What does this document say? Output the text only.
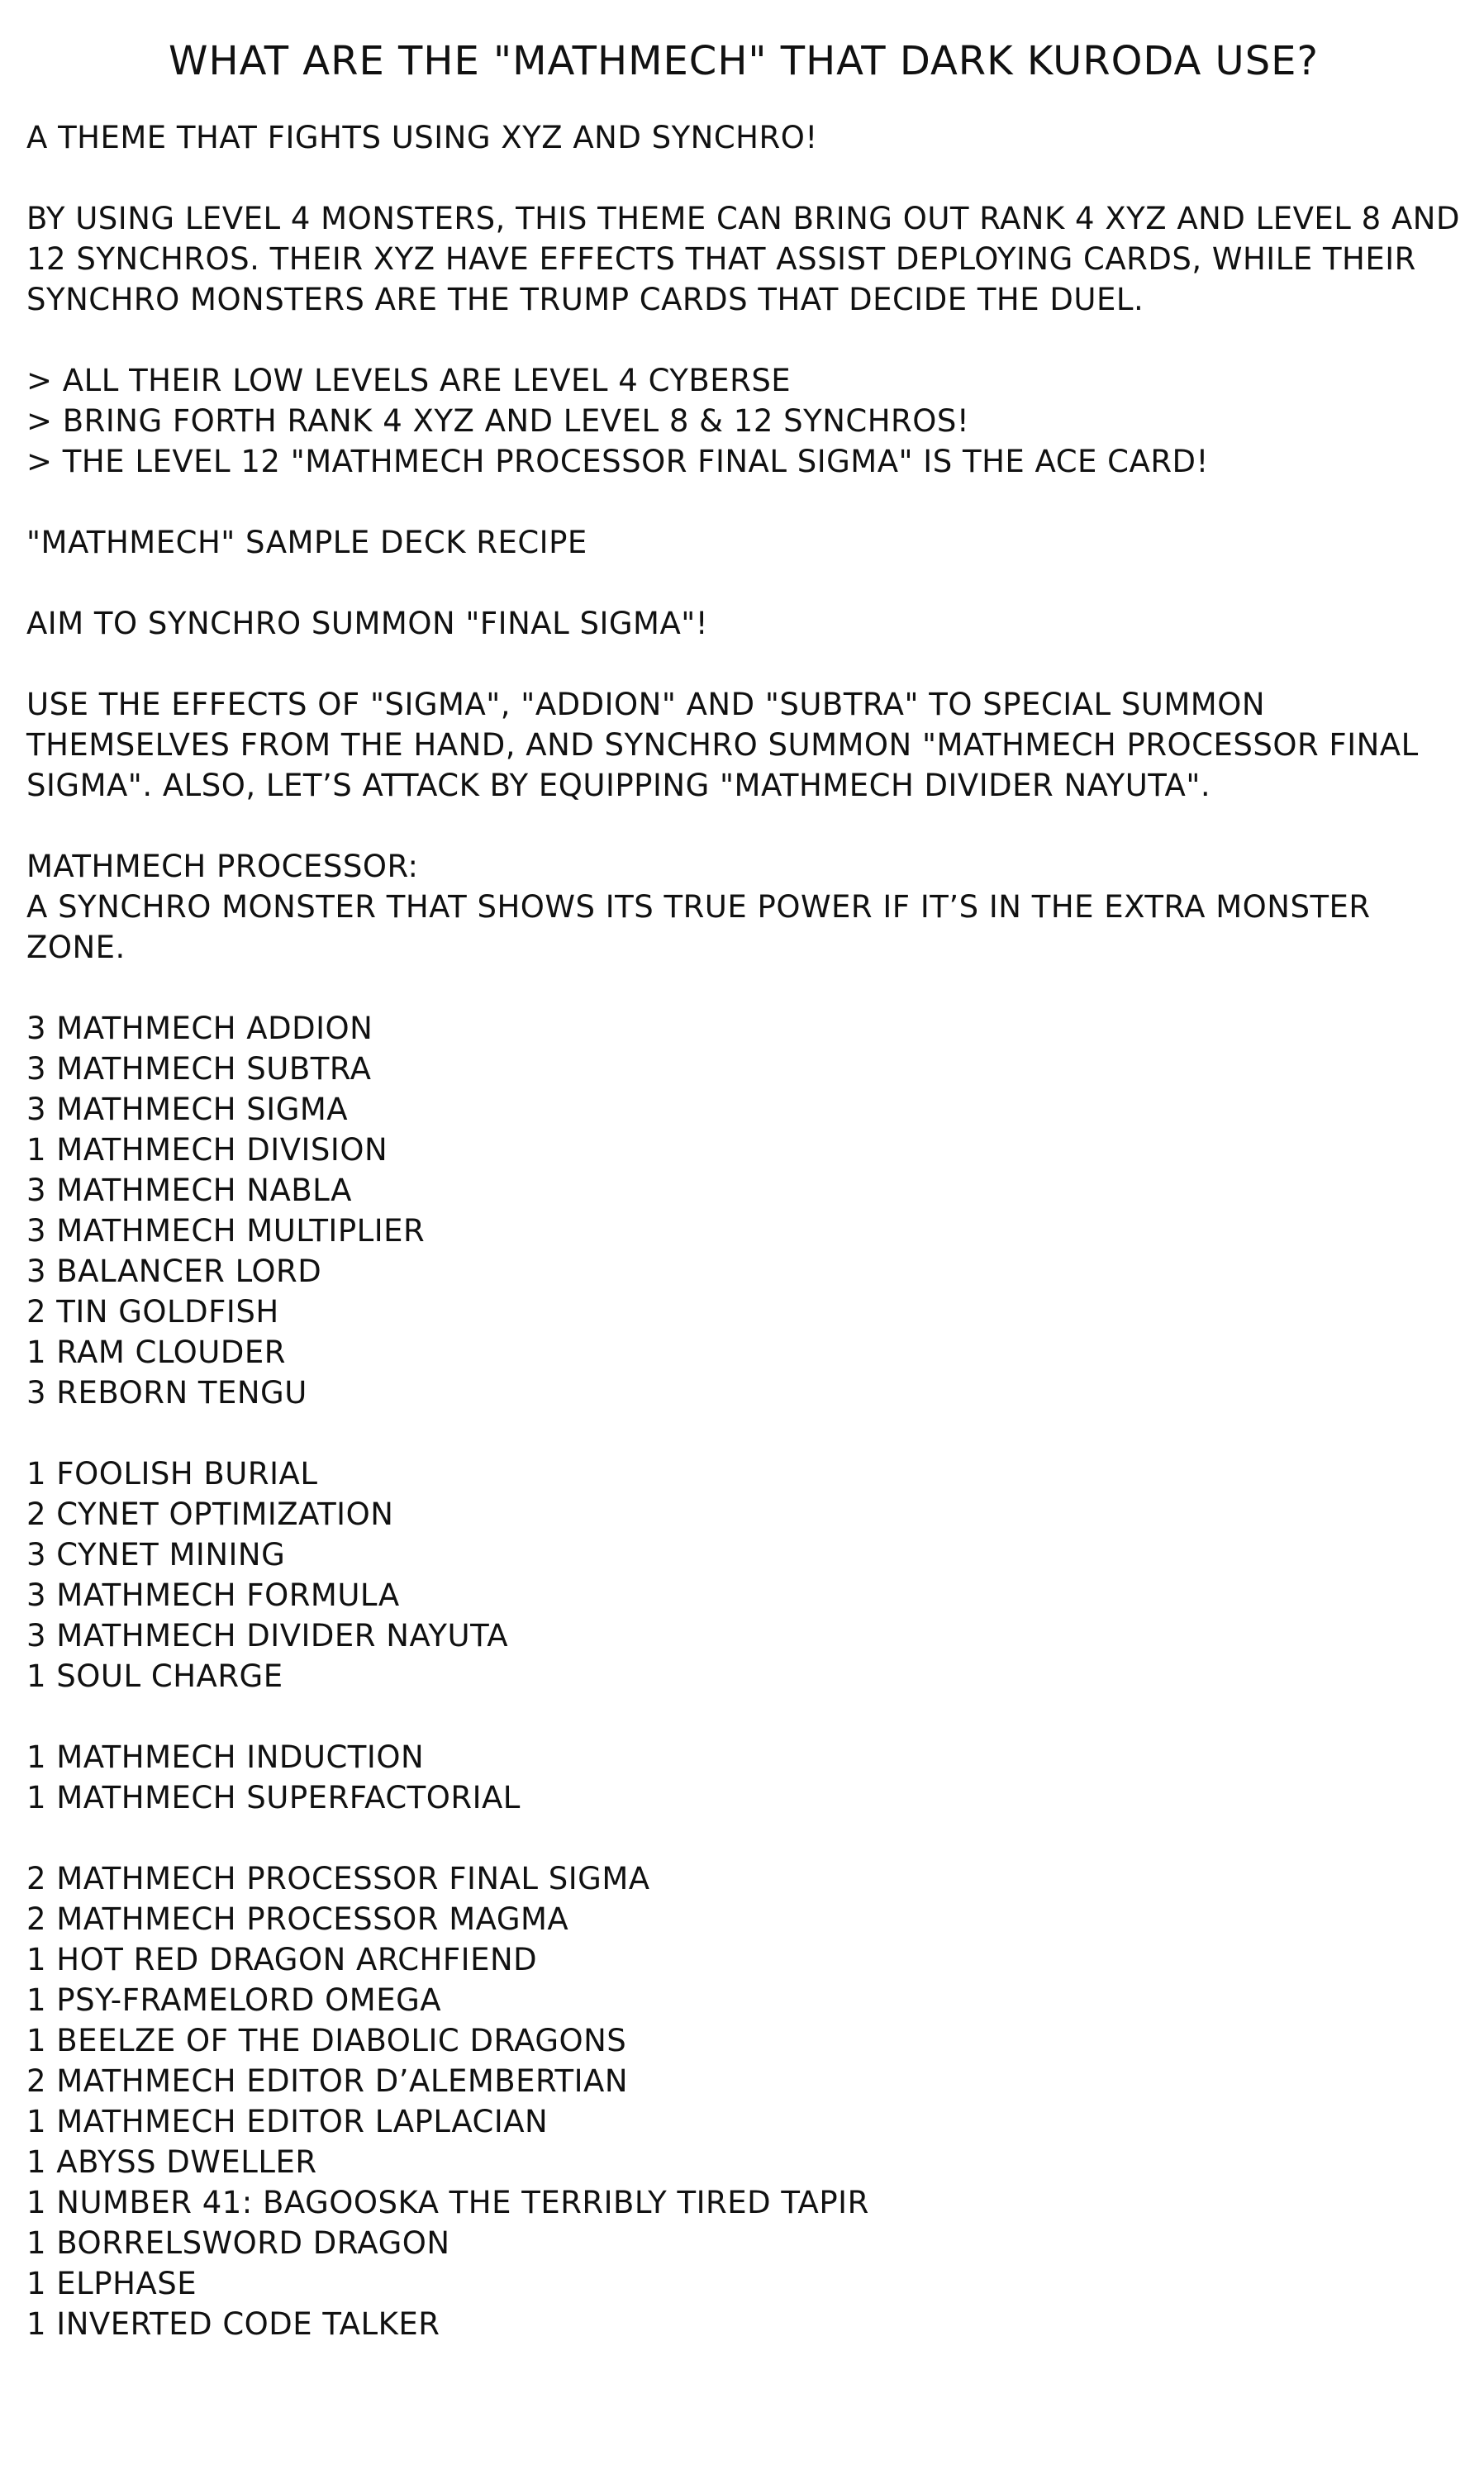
WHAT ARE THE "MATHMECH" THAT DARK KURODA USE?

A THEME THAT FIGHTS USING XYZ AND SYNCHRO!

BY USING LEVEL 4 MONSTERS, THIS THEME CAN BRING OUT RANK 4 XYZ AND LEVEL 8 AND 12 SYNCHROS. THEIR XYZ HAVE EFFECTS THAT ASSIST DEPLOYING CARDS, WHILE THEIR SYNCHRO MONSTERS ARE THE TRUMP CARDS THAT DECIDE THE DUEL.

> ALL THEIR LOW LEVELS ARE LEVEL 4 CYBERSE
> BRING FORTH RANK 4 XYZ AND LEVEL 8 & 12 SYNCHROS!
> THE LEVEL 12 "MATHMECH PROCESSOR FINAL SIGMA" IS THE ACE CARD!

"MATHMECH" SAMPLE DECK RECIPE

AIM TO SYNCHRO SUMMON "FINAL SIGMA"!

USE THE EFFECTS OF "SIGMA", "ADDION" AND "SUBTRA" TO SPECIAL SUMMON THEMSELVES FROM THE HAND, AND SYNCHRO SUMMON "MATHMECH PROCESSOR FINAL SIGMA". ALSO, LET’S ATTACK BY EQUIPPING "MATHMECH DIVIDER NAYUTA".

MATHMECH PROCESSOR:

A SYNCHRO MONSTER THAT SHOWS ITS TRUE POWER IF IT’S IN THE EXTRA MONSTER ZONE.

3 MATHMECH ADDION
3 MATHMECH SUBTRA
3 MATHMECH SIGMA
1 MATHMECH DIVISION
3 MATHMECH NABLA
3 MATHMECH MULTIPLIER
3 BALANCER LORD
2 TIN GOLDFISH
1 RAM CLOUDER
3 REBORN TENGU
1 FOOLISH BURIAL
2 CYNET OPTIMIZATION
3 CYNET MINING
3 MATHMECH FORMULA
3 MATHMECH DIVIDER NAYUTA
1 SOUL CHARGE
1 MATHMECH INDUCTION
1 MATHMECH SUPERFACTORIAL
2 MATHMECH PROCESSOR FINAL SIGMA
2 MATHMECH PROCESSOR MAGMA
1 HOT RED DRAGON ARCHFIEND
1 PSY-FRAMELORD OMEGA
1 BEELZE OF THE DIABOLIC DRAGONS
2 MATHMECH EDITOR D’ALEMBERTIAN
1 MATHMECH EDITOR LAPLACIAN
1 ABYSS DWELLER
1 NUMBER 41: BAGOOSKA THE TERRIBLY TIRED TAPIR
1 BORRELSWORD DRAGON
1 ELPHASE
1 INVERTED CODE TALKER
